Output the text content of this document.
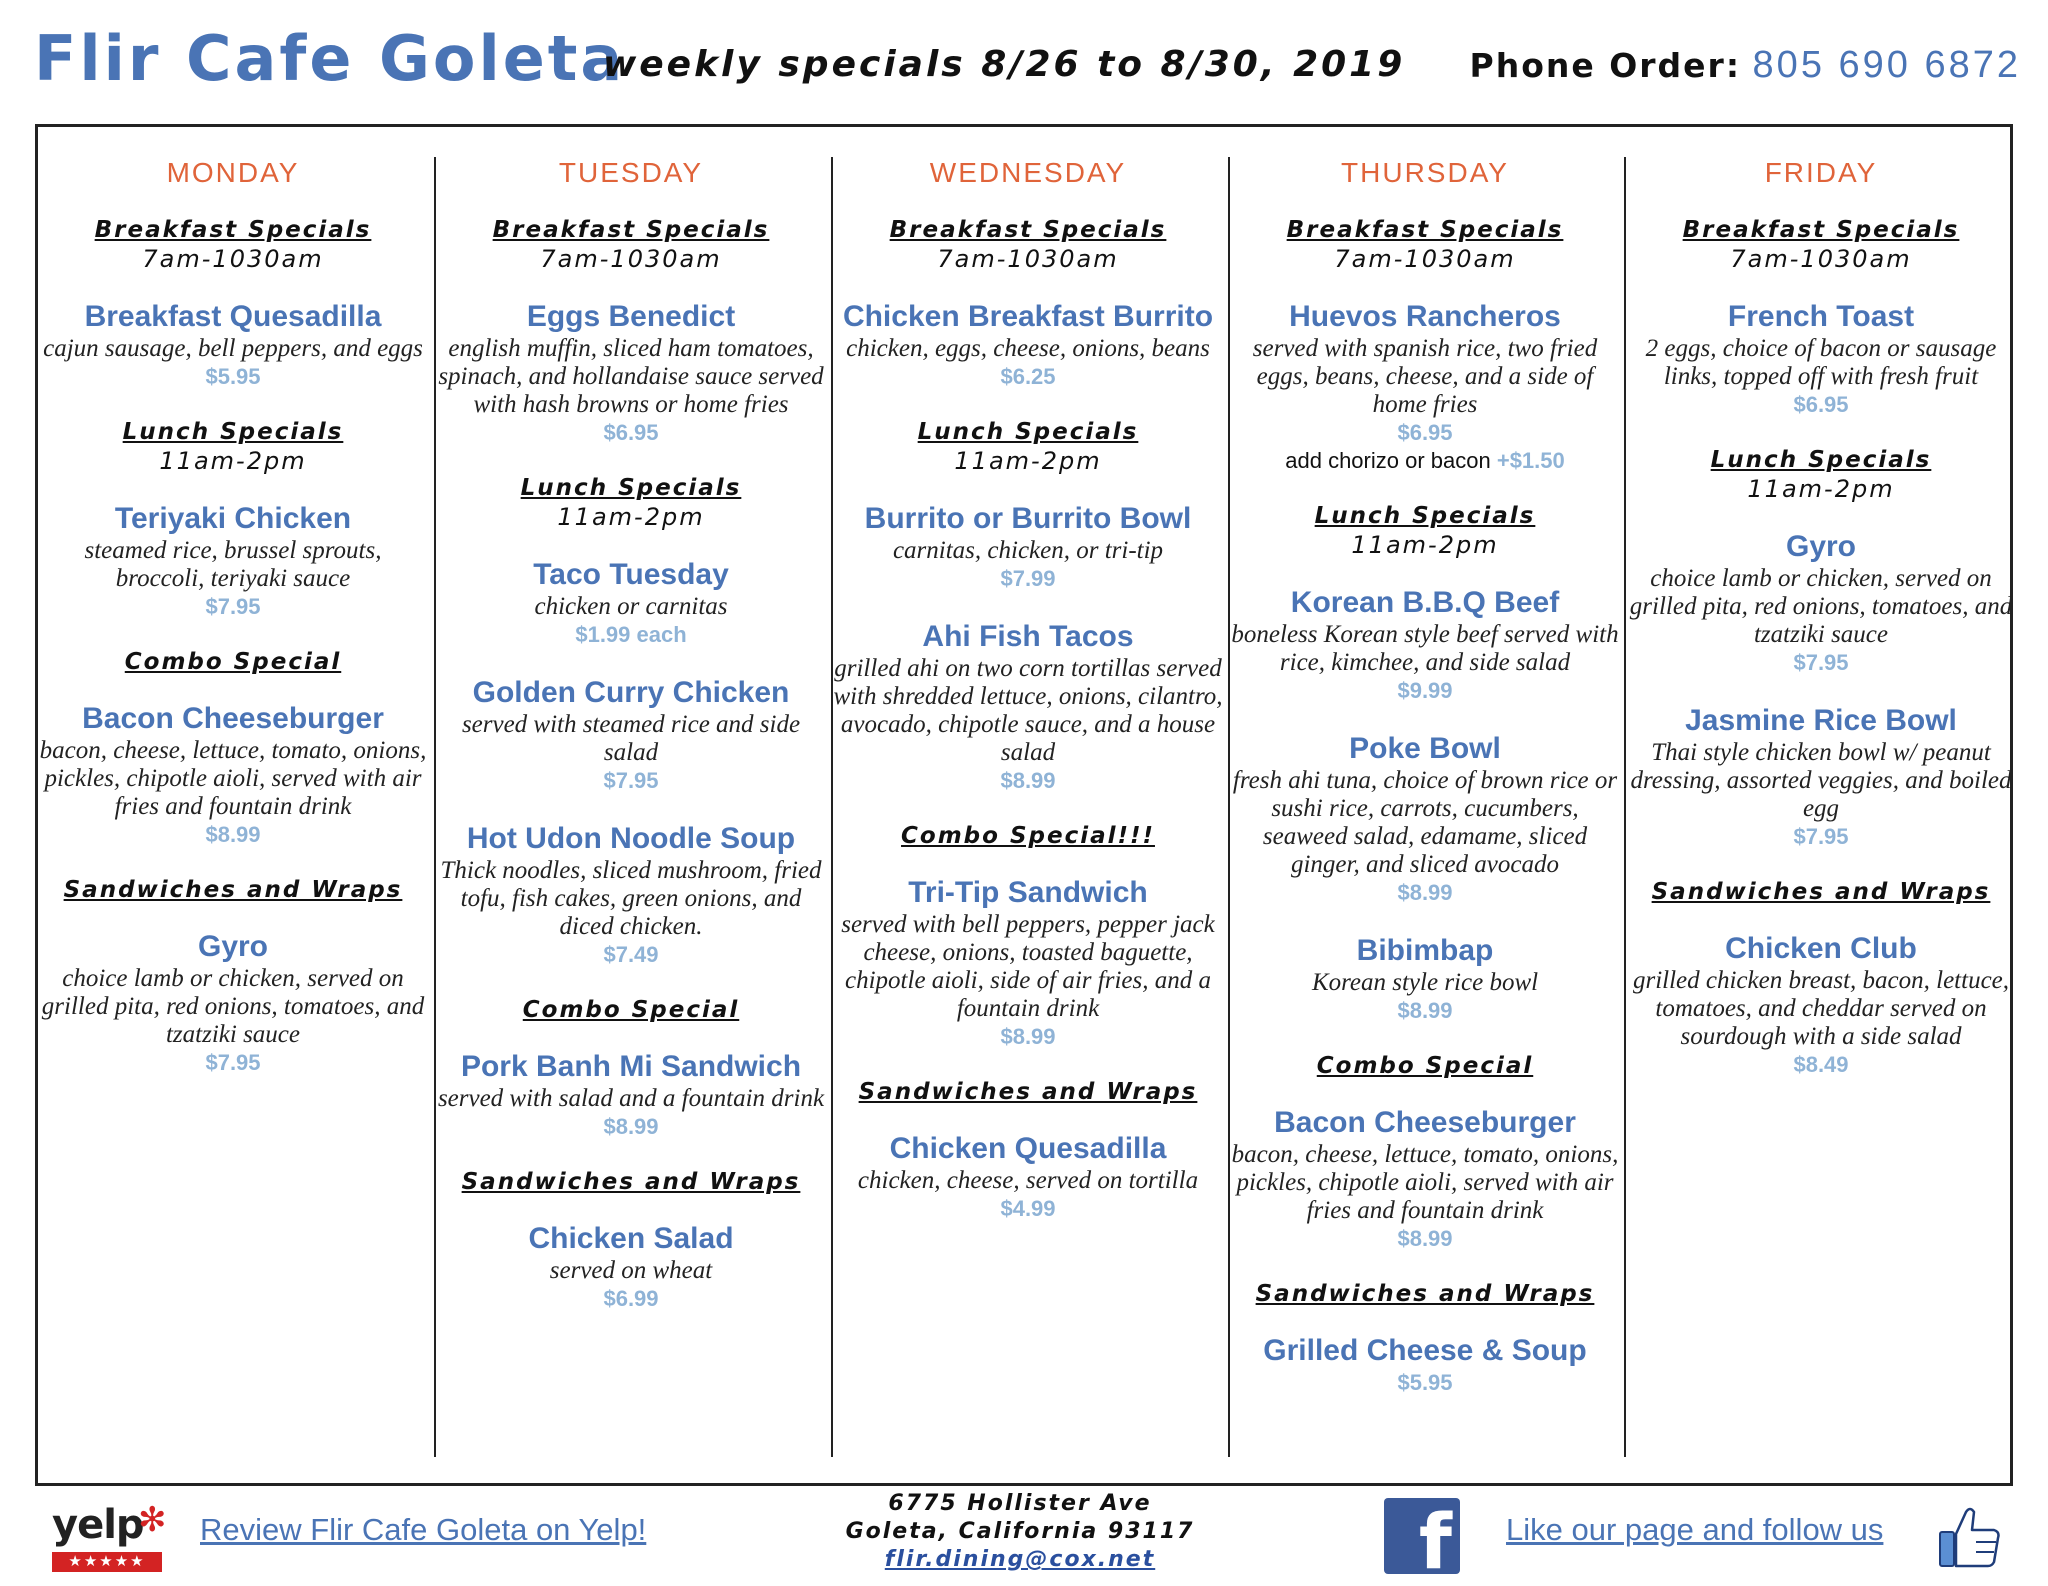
Flir Cafe Goleta
weekly specials 8/26 to 8/30, 2019 Phone Order: 805 690 6872
MONDAY
Breakfast Specials
7am-1030am
Breakfast Quesadilla
cajun sausage, bell peppers, and eggs
$5.95
Lunch Specials
11am-2pm
Teriyaki Chicken
steamed rice, brussel sprouts, broccoli, teriyaki sauce
$7.95
Combo Special
Bacon Cheeseburger
bacon, cheese, lettuce, tomato, onions, pickles, chipotle aioli, served with air fries and fountain drink
$8.99
Sandwiches and Wraps
Gyro
choice lamb or chicken, served on grilled pita, red onions, tomatoes, and tzatziki sauce
$7.95
TUESDAY
Breakfast Specials
7am-1030am
Eggs Benedict
english muffin, sliced ham tomatoes, spinach, and hollandaise sauce served with hash browns or home fries
$6.95
Lunch Specials
11am-2pm
Taco Tuesday
chicken or carnitas
$1.99 each
Golden Curry Chicken
served with steamed rice and side salad
$7.95
Hot Udon Noodle Soup
Thick noodles, sliced mushroom, fried tofu, fish cakes, green onions, and diced chicken.
$7.49
Combo Special
Pork Banh Mi Sandwich
served with salad and a fountain drink
$8.99
Sandwiches and Wraps
Chicken Salad
served on wheat
$6.99
WEDNESDAY
Breakfast Specials
7am-1030am
Chicken Breakfast Burrito
chicken, eggs, cheese, onions, beans
$6.25
Lunch Specials
11am-2pm
Burrito or Burrito Bowl
carnitas, chicken, or tri-tip
$7.99
Ahi Fish Tacos
grilled ahi on two corn tortillas served with shredded lettuce, onions, cilantro, avocado, chipotle sauce, and a house salad
$8.99
Combo Special!!!
Tri-Tip Sandwich
served with bell peppers, pepper jack cheese, onions, toasted baguette, chipotle aioli, side of air fries, and a fountain drink
$8.99
Sandwiches and Wraps
Chicken Quesadilla
chicken, cheese, served on tortilla
$4.99
THURSDAY
Breakfast Specials
7am-1030am
Huevos Rancheros
served with spanish rice, two fried eggs, beans, cheese, and a side of home fries
$6.95
add chorizo or bacon +$1.50
Lunch Specials
11am-2pm
Korean B.B.Q Beef
boneless Korean style beef served with rice, kimchee, and side salad
$9.99
Poke Bowl
fresh ahi tuna, choice of brown rice or sushi rice, carrots, cucumbers, seaweed salad, edamame, sliced ginger, and sliced avocado
$8.99
Bibimbap
Korean style rice bowl
$8.99
Combo Special
Bacon Cheeseburger
bacon, cheese, lettuce, tomato, onions, pickles, chipotle aioli, served with air fries and fountain drink
$8.99
Sandwiches and Wraps
Grilled Cheese & Soup
$5.95
FRIDAY
Breakfast Specials
7am-1030am
French Toast
2 eggs, choice of bacon or sausage links, topped off with fresh fruit
$6.95
Lunch Specials
11am-2pm
Gyro
choice lamb or chicken, served on grilled pita, red onions, tomatoes, and tzatziki sauce
$7.95
Jasmine Rice Bowl
Thai style chicken bowl w/ peanut dressing, assorted veggies, and boiled egg
$7.95
Sandwiches and Wraps
Chicken Club
grilled chicken breast, bacon, lettuce, tomatoes, and cheddar served on sourdough with a side salad
$8.49
yelp
✻
★★★★★
Review Flir Cafe Goleta on Yelp!
6775 Hollister Ave
Goleta, California 93117
flir.dining@cox.net	f Like our page and follow us
